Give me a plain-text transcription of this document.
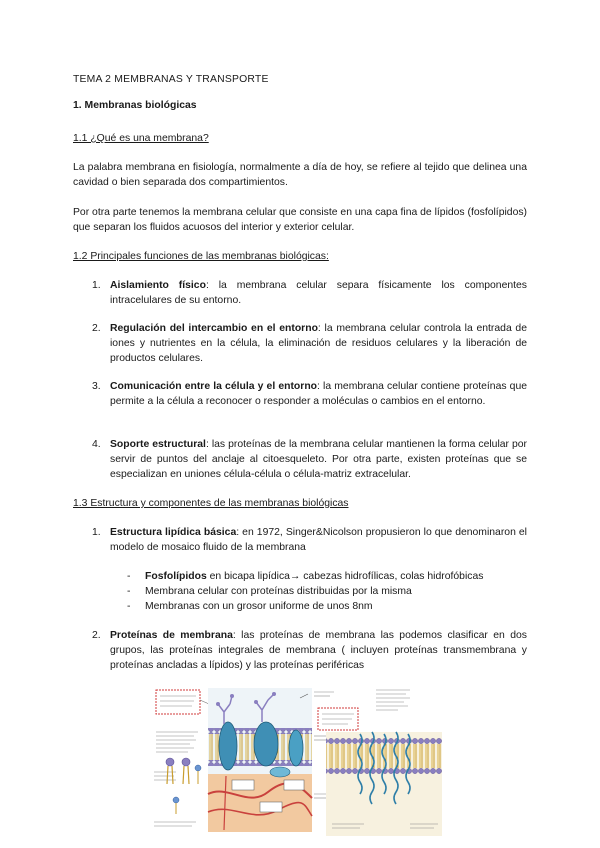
TEMA 2 MEMBRANAS Y TRANSPORTE

1. Membranas biológicas

1.1 ¿Qué es una membrana?

La palabra membrana en fisiología, normalmente a día de hoy, se refiere al tejido que delinea una cavidad o bien separada dos compartimientos.

Por otra parte tenemos la membrana celular que consiste en una capa fina de lípidos (fosfolípidos) que separan los fluidos acuosos del interior y exterior celular.

1.2 Principales funciones de las membranas biológicas:

1. Aislamiento físico: la membrana celular separa físicamente los componentes intracelulares de su entorno.

2. Regulación del intercambio en el entorno: la membrana celular controla la entrada de iones y nutrientes en la célula, la eliminación de residuos celulares y la liberación de productos celulares.

3. Comunicación entre la célula y el entorno: la membrana celular contiene proteínas que permite a la célula a reconocer o responder a moléculas o cambios en el entorno.

4. Soporte estructural: las proteínas de la membrana celular mantienen la forma celular por servir de puntos del anclaje al citoesqueleto. Por otra parte, existen proteínas que se especializan en uniones célula-célula o célula-matriz extracelular.

1.3 Estructura y componentes de las membranas biológicas

1. Estructura lipídica básica: en 1972, Singer&Nicolson propusieron lo que denominaron el modelo de mosaico fluido de la membrana

- Fosfolípidos en bicapa lipídica→ cabezas hidrofílicas, colas hidrofóbicas

- Membrana celular con proteínas distribuidas por la misma

- Membranas con un grosor uniforme de unos 8nm

2. Proteínas de membrana: las proteínas de membrana las podemos clasificar en dos grupos, las proteínas integrales de membrana ( incluyen proteínas transmembrana y proteínas ancladas a lípidos) y las proteínas periféricas
